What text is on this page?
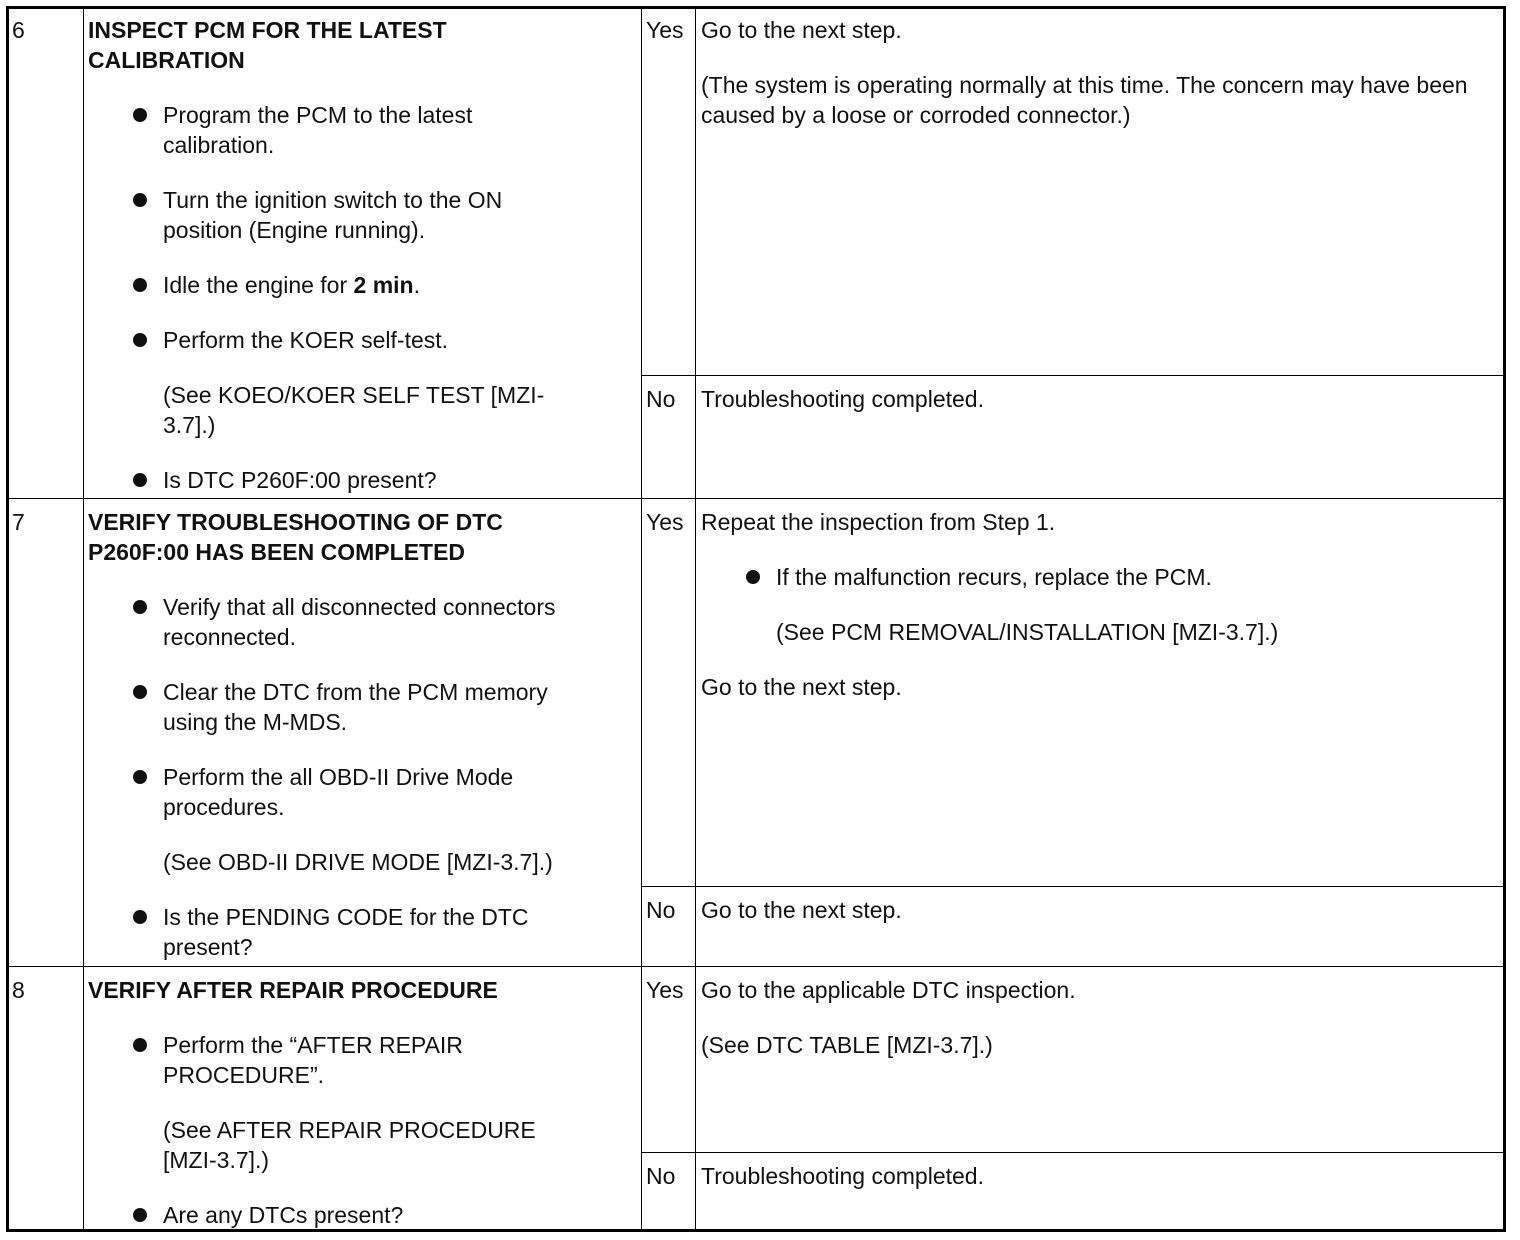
6	INSPECT PCM FOR THE LATEST CALIBRATION
Program the PCM to the latest calibration.
Turn the ignition switch to the ON position (Engine running).
Idle the engine for 2 min.
Perform the KOER self-test.
(See KOEO/KOER SELF TEST [MZI-3.7].)
Is DTC P260F:00 present?
Yes Go to the next step.
(The system is operating normally at this time. The concern may have been caused by a loose or corroded connector.)
No Troubleshooting completed.
7	VERIFY TROUBLESHOOTING OF DTC P260F:00 HAS BEEN COMPLETED
Verify that all disconnected connectors reconnected.
Clear the DTC from the PCM memory using the M-MDS.
Perform the all OBD-II Drive Mode procedures.
(See OBD-II DRIVE MODE [MZI-3.7].)
Is the PENDING CODE for the DTC present?
Yes Repeat the inspection from Step 1.
If the malfunction recurs, replace the PCM.
(See PCM REMOVAL/INSTALLATION [MZI-3.7].)
Go to the next step.
No Go to the next step.
8	VERIFY AFTER REPAIR PROCEDURE
Perform the “AFTER REPAIR PROCEDURE”.
(See AFTER REPAIR PROCEDURE [MZI-3.7].)
Are any DTCs present?
Yes Go to the applicable DTC inspection.
(See DTC TABLE [MZI-3.7].)
No Troubleshooting completed.
